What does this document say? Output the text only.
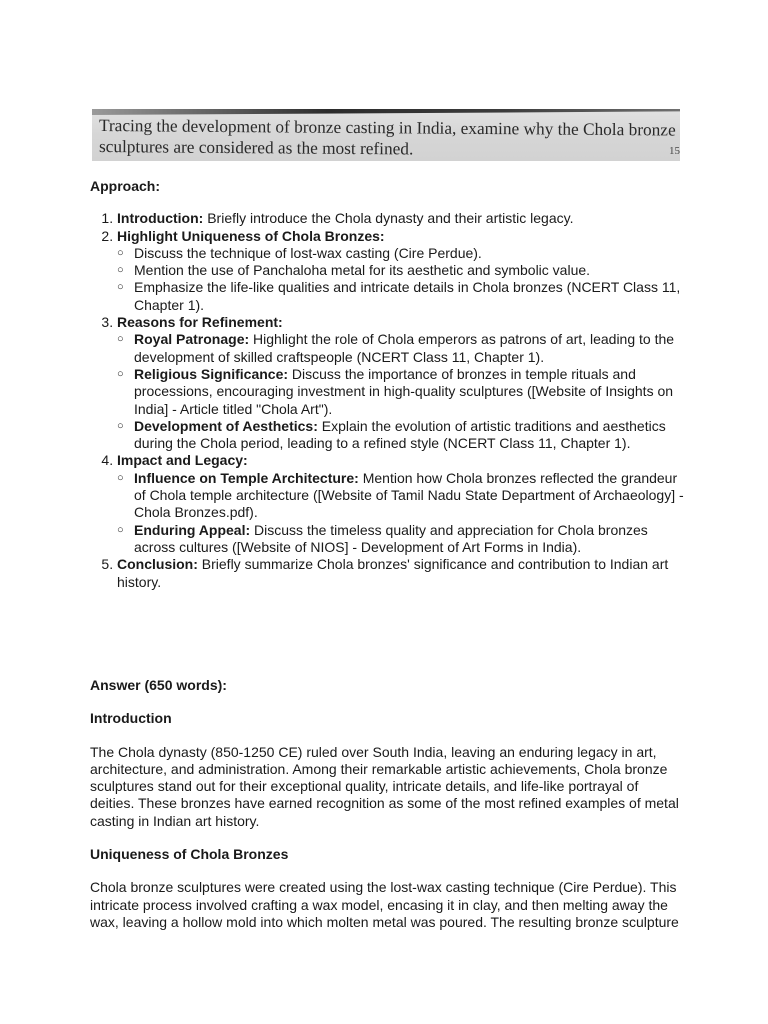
Tracing the development of bronze casting in India, examine why the Chola bronze
sculptures are considered as the most refined.	15
Approach:
1. Introduction: Briefly introduce the Chola dynasty and their artistic legacy.
2. Highlight Uniqueness of Chola Bronzes:
○ Discuss the technique of lost-wax casting (Cire Perdue).
○ Mention the use of Panchaloha metal for its aesthetic and symbolic value.
○ Emphasize the life-like qualities and intricate details in Chola bronzes (NCERT Class 11, Chapter 1).
3. Reasons for Refinement:
○ Royal Patronage: Highlight the role of Chola emperors as patrons of art, leading to the development of skilled craftspeople (NCERT Class 11, Chapter 1).
○ Religious Significance: Discuss the importance of bronzes in temple rituals and processions, encouraging investment in high-quality sculptures ([Website of Insights on India] - Article titled "Chola Art").
○ Development of Aesthetics: Explain the evolution of artistic traditions and aesthetics during the Chola period, leading to a refined style (NCERT Class 11, Chapter 1).
4. Impact and Legacy:
○ Influence on Temple Architecture: Mention how Chola bronzes reflected the grandeur of Chola temple architecture ([Website of Tamil Nadu State Department of Archaeology] - Chola Bronzes.pdf).
○ Enduring Appeal: Discuss the timeless quality and appreciation for Chola bronzes across cultures ([Website of NIOS] - Development of Art Forms in India).
5. Conclusion: Briefly summarize Chola bronzes' significance and contribution to Indian art history.

Answer (650 words):

Introduction

The Chola dynasty (850-1250 CE) ruled over South India, leaving an enduring legacy in art, architecture, and administration. Among their remarkable artistic achievements, Chola bronze sculptures stand out for their exceptional quality, intricate details, and life-like portrayal of deities. These bronzes have earned recognition as some of the most refined examples of metal casting in Indian art history.

Uniqueness of Chola Bronzes

Chola bronze sculptures were created using the lost-wax casting technique (Cire Perdue). This intricate process involved crafting a wax model, encasing it in clay, and then melting away the wax, leaving a hollow mold into which molten metal was poured. The resulting bronze sculpture
